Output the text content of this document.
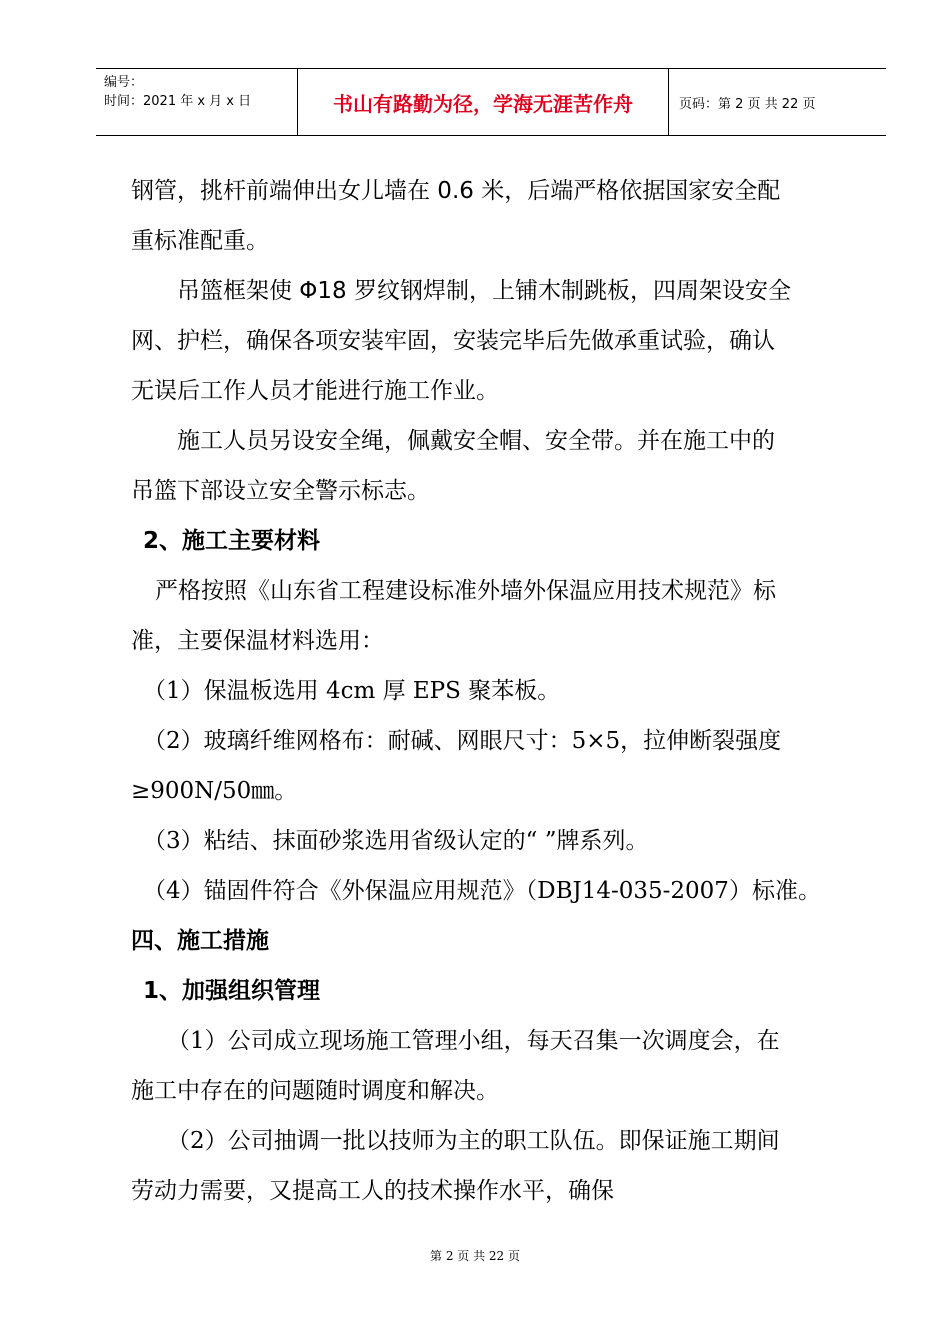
编号：
时间：2021 年 x 月 x 日	书山有路勤为径，学海无涯苦作舟	页码：第 2 页 共 22 页
钢管，挑杆前端伸出女儿墙在 0.6 米，后端严格依据国家安全配
重标准配重。
吊篮框架使 Φ18 罗纹钢焊制，上铺木制跳板，四周架设安全
网、护栏，确保各项安装牢固，安装完毕后先做承重试验，确认
无误后工作人员才能进行施工作业。
施工人员另设安全绳，佩戴安全帽、安全带。并在施工中的
吊篮下部设立安全警示标志。
2、施工主要材料
严格按照《山东省工程建设标准外墙外保温应用技术规范》标
准，主要保温材料选用：
（1）保温板选用 4cm 厚 EPS 聚苯板。
（2）玻璃纤维网格布：耐碱、网眼尺寸：5×5，拉伸断裂强度
≥900N/50㎜。
（3）粘结、抹面砂浆选用省级认定的“ ”牌系列。
（4）锚固件符合《外保温应用规范》（DBJ14-035-2007）标准。
四、施工措施
1、加强组织管理
（1）公司成立现场施工管理小组，每天召集一次调度会，在
施工中存在的问题随时调度和解决。
（2）公司抽调一批以技师为主的职工队伍。即保证施工期间
劳动力需要，又提高工人的技术操作水平，确保
第 2 页 共 22 页
